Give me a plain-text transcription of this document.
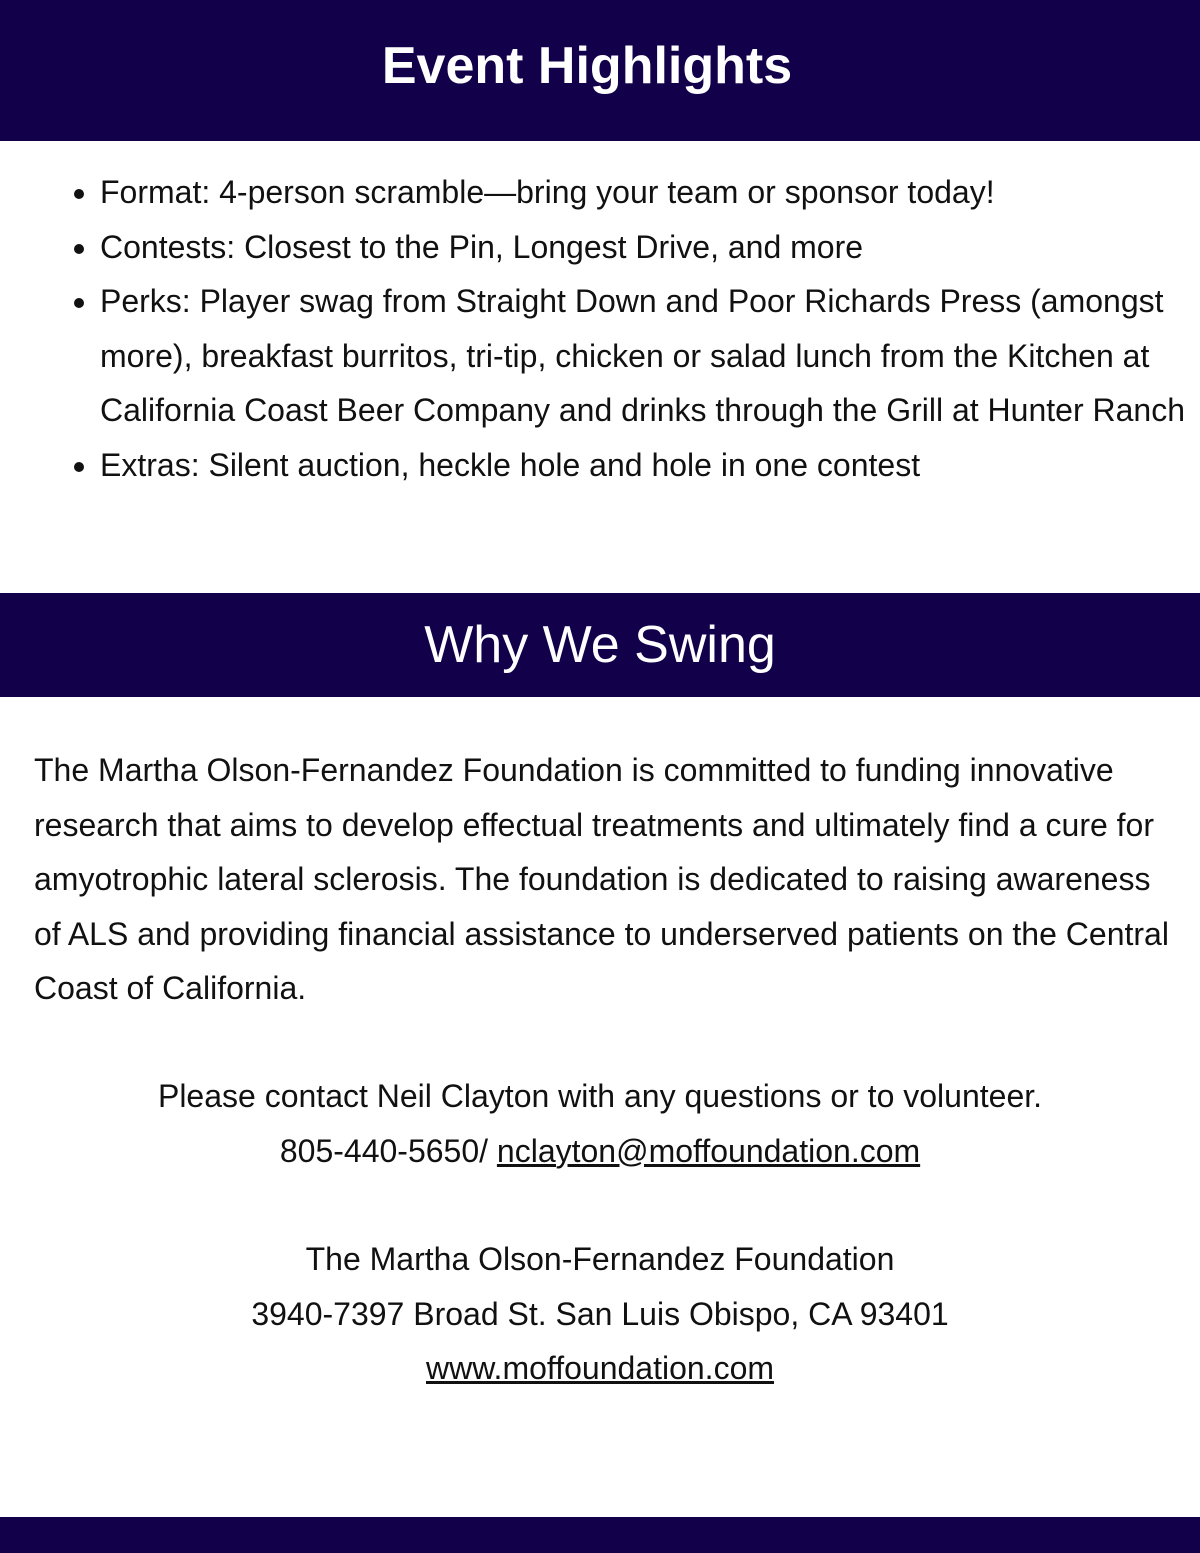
Event Highlights
• Format: 4-person scramble—bring your team or sponsor today!
• Contests: Closest to the Pin, Longest Drive, and more
• Perks: Player swag from Straight Down and Poor Richards Press (amongst more), breakfast burritos, tri-tip, chicken or salad lunch from the Kitchen at California Coast Beer Company and drinks through the Grill at Hunter Ranch
• Extras: Silent auction, heckle hole and hole in one contest
Why We Swing

The Martha Olson-Fernandez Foundation is committed to funding innovative research that aims to develop effectual treatments and ultimately find a cure for amyotrophic lateral sclerosis. The foundation is dedicated to raising awareness of ALS and providing financial assistance to underserved patients on the Central Coast of California.

Please contact Neil Clayton with any questions or to volunteer.
805-440-5650/ nclayton@moffoundation.com
The Martha Olson-Fernandez Foundation
3940-7397 Broad St. San Luis Obispo, CA 93401
www.moffoundation.com
